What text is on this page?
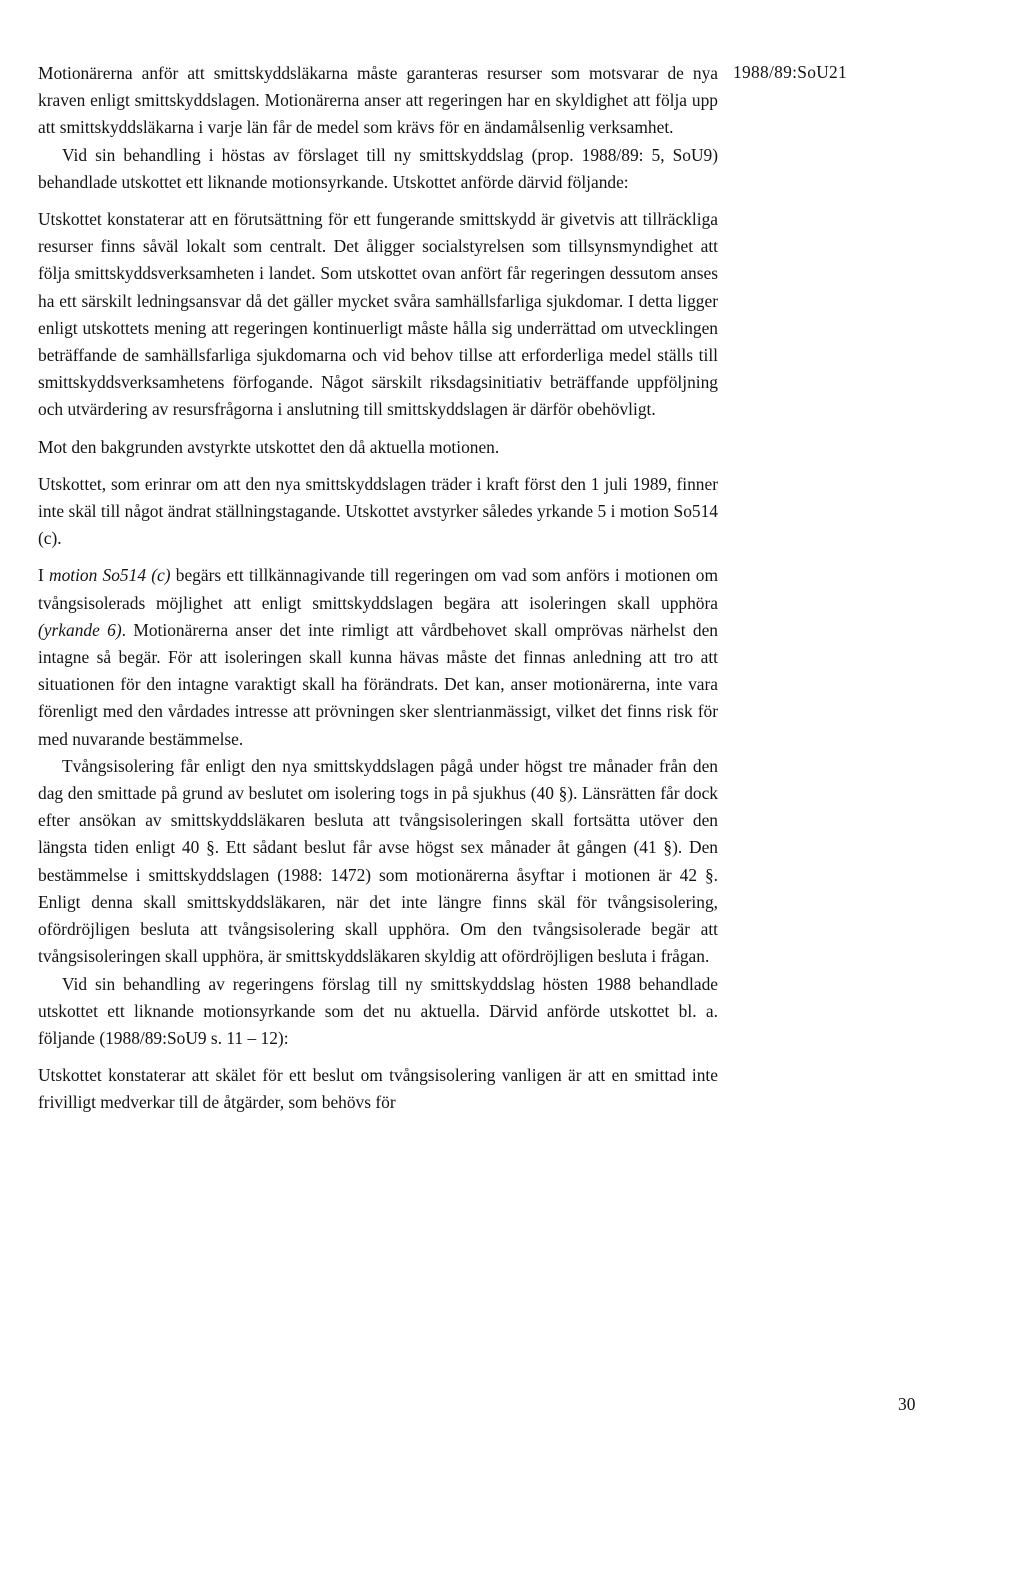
1988/89:SoU21

Motionärerna anför att smittskyddsläkarna måste garanteras resurser som motsvarar de nya kraven enligt smittskyddslagen. Motionärerna anser att regeringen har en skyldighet att följa upp att smittskyddsläkarna i varje län får de medel som krävs för en ändamålsenlig verksamhet.

Vid sin behandling i höstas av förslaget till ny smittskyddslag (prop. 1988/89: 5, SoU9) behandlade utskottet ett liknande motionsyrkande. Utskottet anförde därvid följande:

Utskottet konstaterar att en förutsättning för ett fungerande smittskydd är givetvis att tillräckliga resurser finns såväl lokalt som centralt. Det åligger socialstyrelsen som tillsynsmyndighet att följa smittskyddsverksamheten i landet. Som utskottet ovan anfört får regeringen dessutom anses ha ett särskilt ledningsansvar då det gäller mycket svåra samhällsfarliga sjukdomar. I detta ligger enligt utskottets mening att regeringen kontinuerligt måste hålla sig underrättad om utvecklingen beträffande de samhällsfarliga sjukdomarna och vid behov tillse att erforderliga medel ställs till smittskyddsverksamhetens förfogande. Något särskilt riksdagsinitiativ beträffande uppföljning och utvärdering av resursfrågorna i anslutning till smittskyddslagen är därför obehövligt.

Mot den bakgrunden avstyrkte utskottet den då aktuella motionen.

Utskottet, som erinrar om att den nya smittskyddslagen träder i kraft först den 1 juli 1989, finner inte skäl till något ändrat ställningstagande. Utskottet avstyrker således yrkande 5 i motion So514 (c).

I motion So514 (c) begärs ett tillkännagivande till regeringen om vad som anförs i motionen om tvångsisolerads möjlighet att enligt smittskyddslagen begära att isoleringen skall upphöra (yrkande 6). Motionärerna anser det inte rimligt att vårdbehovet skall omprövas närhelst den intagne så begär. För att isoleringen skall kunna hävas måste det finnas anledning att tro att situationen för den intagne varaktigt skall ha förändrats. Det kan, anser motionärerna, inte vara förenligt med den vårdades intresse att prövningen sker slentrianmässigt, vilket det finns risk för med nuvarande bestämmelse.

Tvångsisolering får enligt den nya smittskyddslagen pågå under högst tre månader från den dag den smittade på grund av beslutet om isolering togs in på sjukhus (40 §). Länsrätten får dock efter ansökan av smittskyddsläkaren besluta att tvångsisoleringen skall fortsätta utöver den längsta tiden enligt 40 §. Ett sådant beslut får avse högst sex månader åt gången (41 §). Den bestämmelse i smittskyddslagen (1988: 1472) som motionärerna åsyftar i motionen är 42 §. Enligt denna skall smittskyddsläkaren, när det inte längre finns skäl för tvångsisolering, ofördröjligen besluta att tvångsisolering skall upphöra. Om den tvångsisolerade begär att tvångsisoleringen skall upphöra, är smittskyddsläkaren skyldig att ofördröjligen besluta i frågan.

Vid sin behandling av regeringens förslag till ny smittskyddslag hösten 1988 behandlade utskottet ett liknande motionsyrkande som det nu aktuella. Därvid anförde utskottet bl. a. följande (1988/89:SoU9 s. 11 – 12):

Utskottet konstaterar att skälet för ett beslut om tvångsisolering vanligen är att en smittad inte frivilligt medverkar till de åtgärder, som behövs för

30
